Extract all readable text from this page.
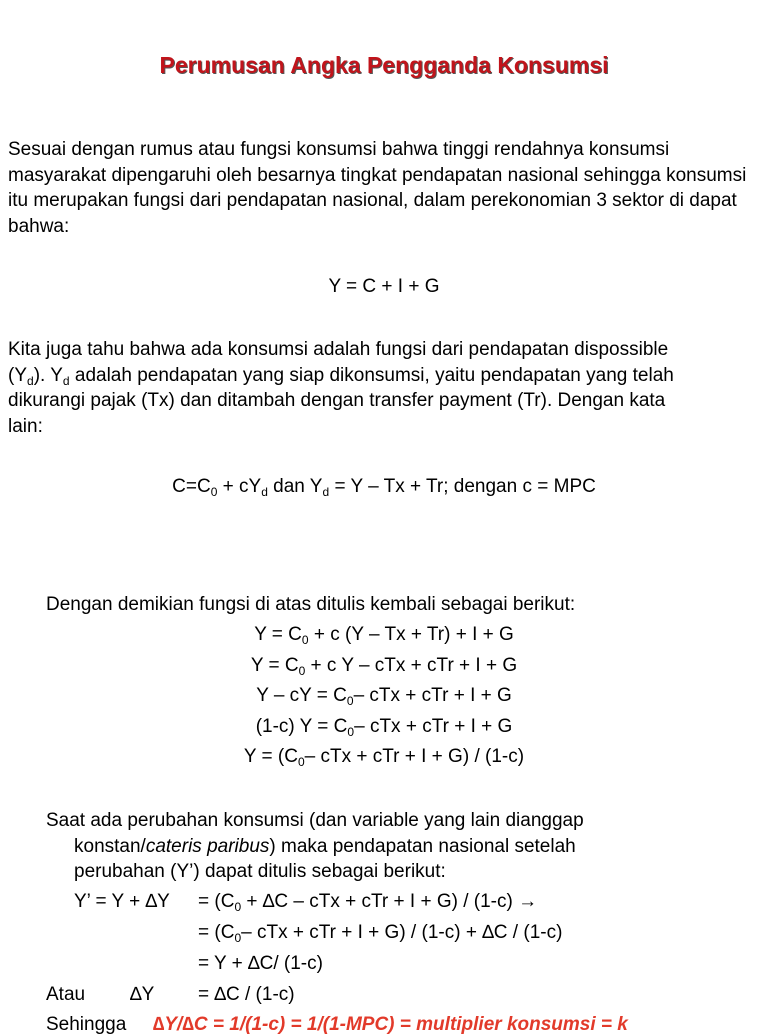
Perumusan Angka Pengganda Konsumsi
Sesuai dengan rumus atau fungsi konsumsi bahwa tinggi rendahnya konsumsi masyarakat dipengaruhi oleh besarnya tingkat pendapatan nasional sehingga konsumsi itu merupakan fungsi dari pendapatan nasional, dalam perekonomian 3 sektor di dapat bahwa:
Y = C + I + G
Kita juga tahu bahwa ada konsumsi adalah fungsi dari pendapatan dispossible
$(Y_d)$. $Y_d$ adalah pendapatan yang siap dikonsumsi, yaitu pendapatan yang telah
dikurangi pajak (Tx) dan ditambah dengan transfer payment (Tr). Dengan kata
lain:
$C=C_0 + cY_d$ dan $Y_d = Y - Tx + Tr$; dengan c = MPC
Dengan demikian fungsi di atas ditulis kembali sebagai berikut:
$Y = C_0 + c$ (Y – Tx + Tr) + I + G
$Y = C_0 + c$ Y – cTx + cTr + I + G
Y – cY = $C_0-$ cTx + cTr + I + G
(1-c) $Y = C_0-$ cTx + cTr + I + G
$Y = (C_0-$ cTx + cTr + I + G) / (1-c)
Saat ada perubahan konsumsi (dan variable yang lain dianggap
konstan/cateris paribus) maka pendapatan nasional setelah
perubahan (Y’) dapat ditulis sebagai berikut:
Y’ = $Y + \Delta Y = (C_0 + \Delta C$ – cTx + cTr + I + G) / (1-c) →
= ($C_0-$ cTx + cTr + I + G) / (1-c) + ∆C / (1-c)
= Y + ∆C/ (1-c)
Atau ∆Y = ∆C / (1-c)
Sehingga ∆Y/∆C = 1/(1-c) = 1/(1-MPC) = multiplier konsumsi = k
